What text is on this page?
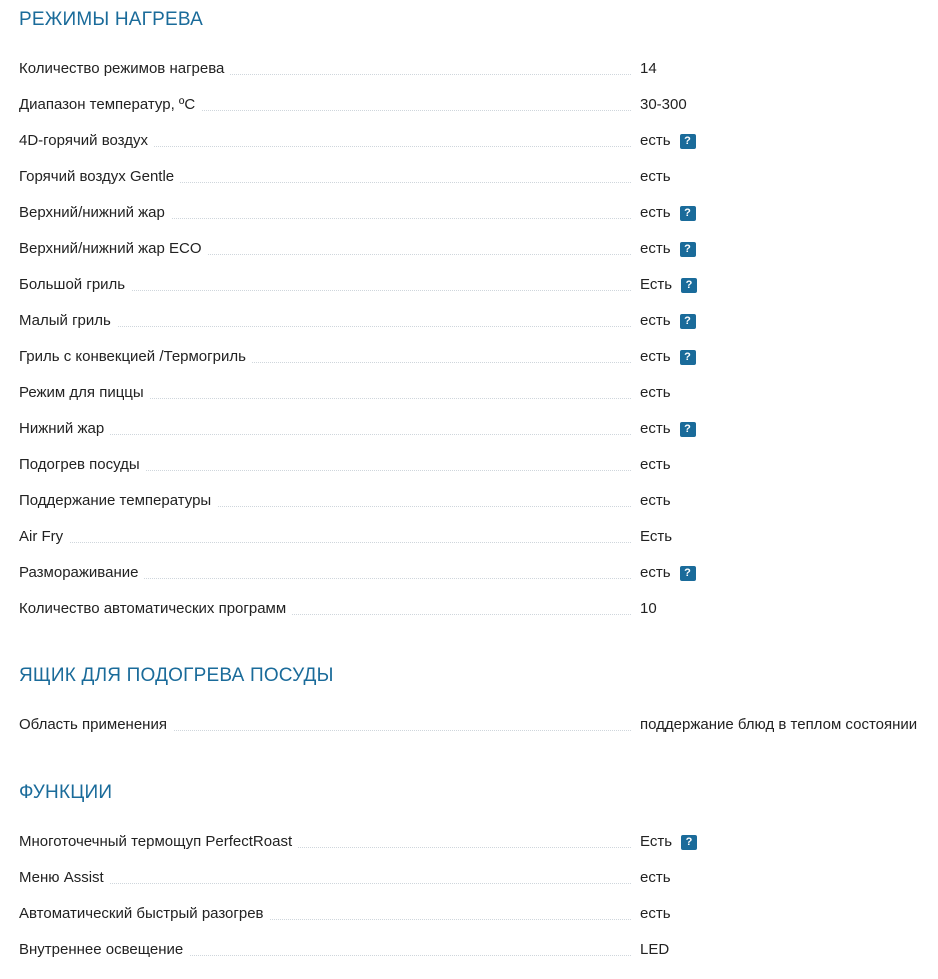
РЕЖИМЫ НАГРЕВА
Количество режимов нагрева	14
Диапазон температур, ºC	30-300
4D-горячий воздух	есть ?
Горячий воздух Gentle	есть
Верхний/нижний жар	есть ?
Верхний/нижний жар ECO	есть ?
Большой гриль	Есть ?
Малый гриль	есть ?
Гриль с конвекцией /Термогриль	есть ?
Режим для пиццы	есть
Нижний жар	есть ?
Подогрев посуды	есть
Поддержание температуры	есть
Air Fry	Есть
Размораживание	есть ?
Количество автоматических программ	10
ЯЩИК ДЛЯ ПОДОГРЕВА ПОСУДЫ
Область применения	поддержание блюд в теплом состоянии
ФУНКЦИИ
Многоточечный термощуп PerfectRoast	Есть ?
Меню Assist	есть
Автоматический быстрый разогрев	есть
Внутреннее освещение	LED
